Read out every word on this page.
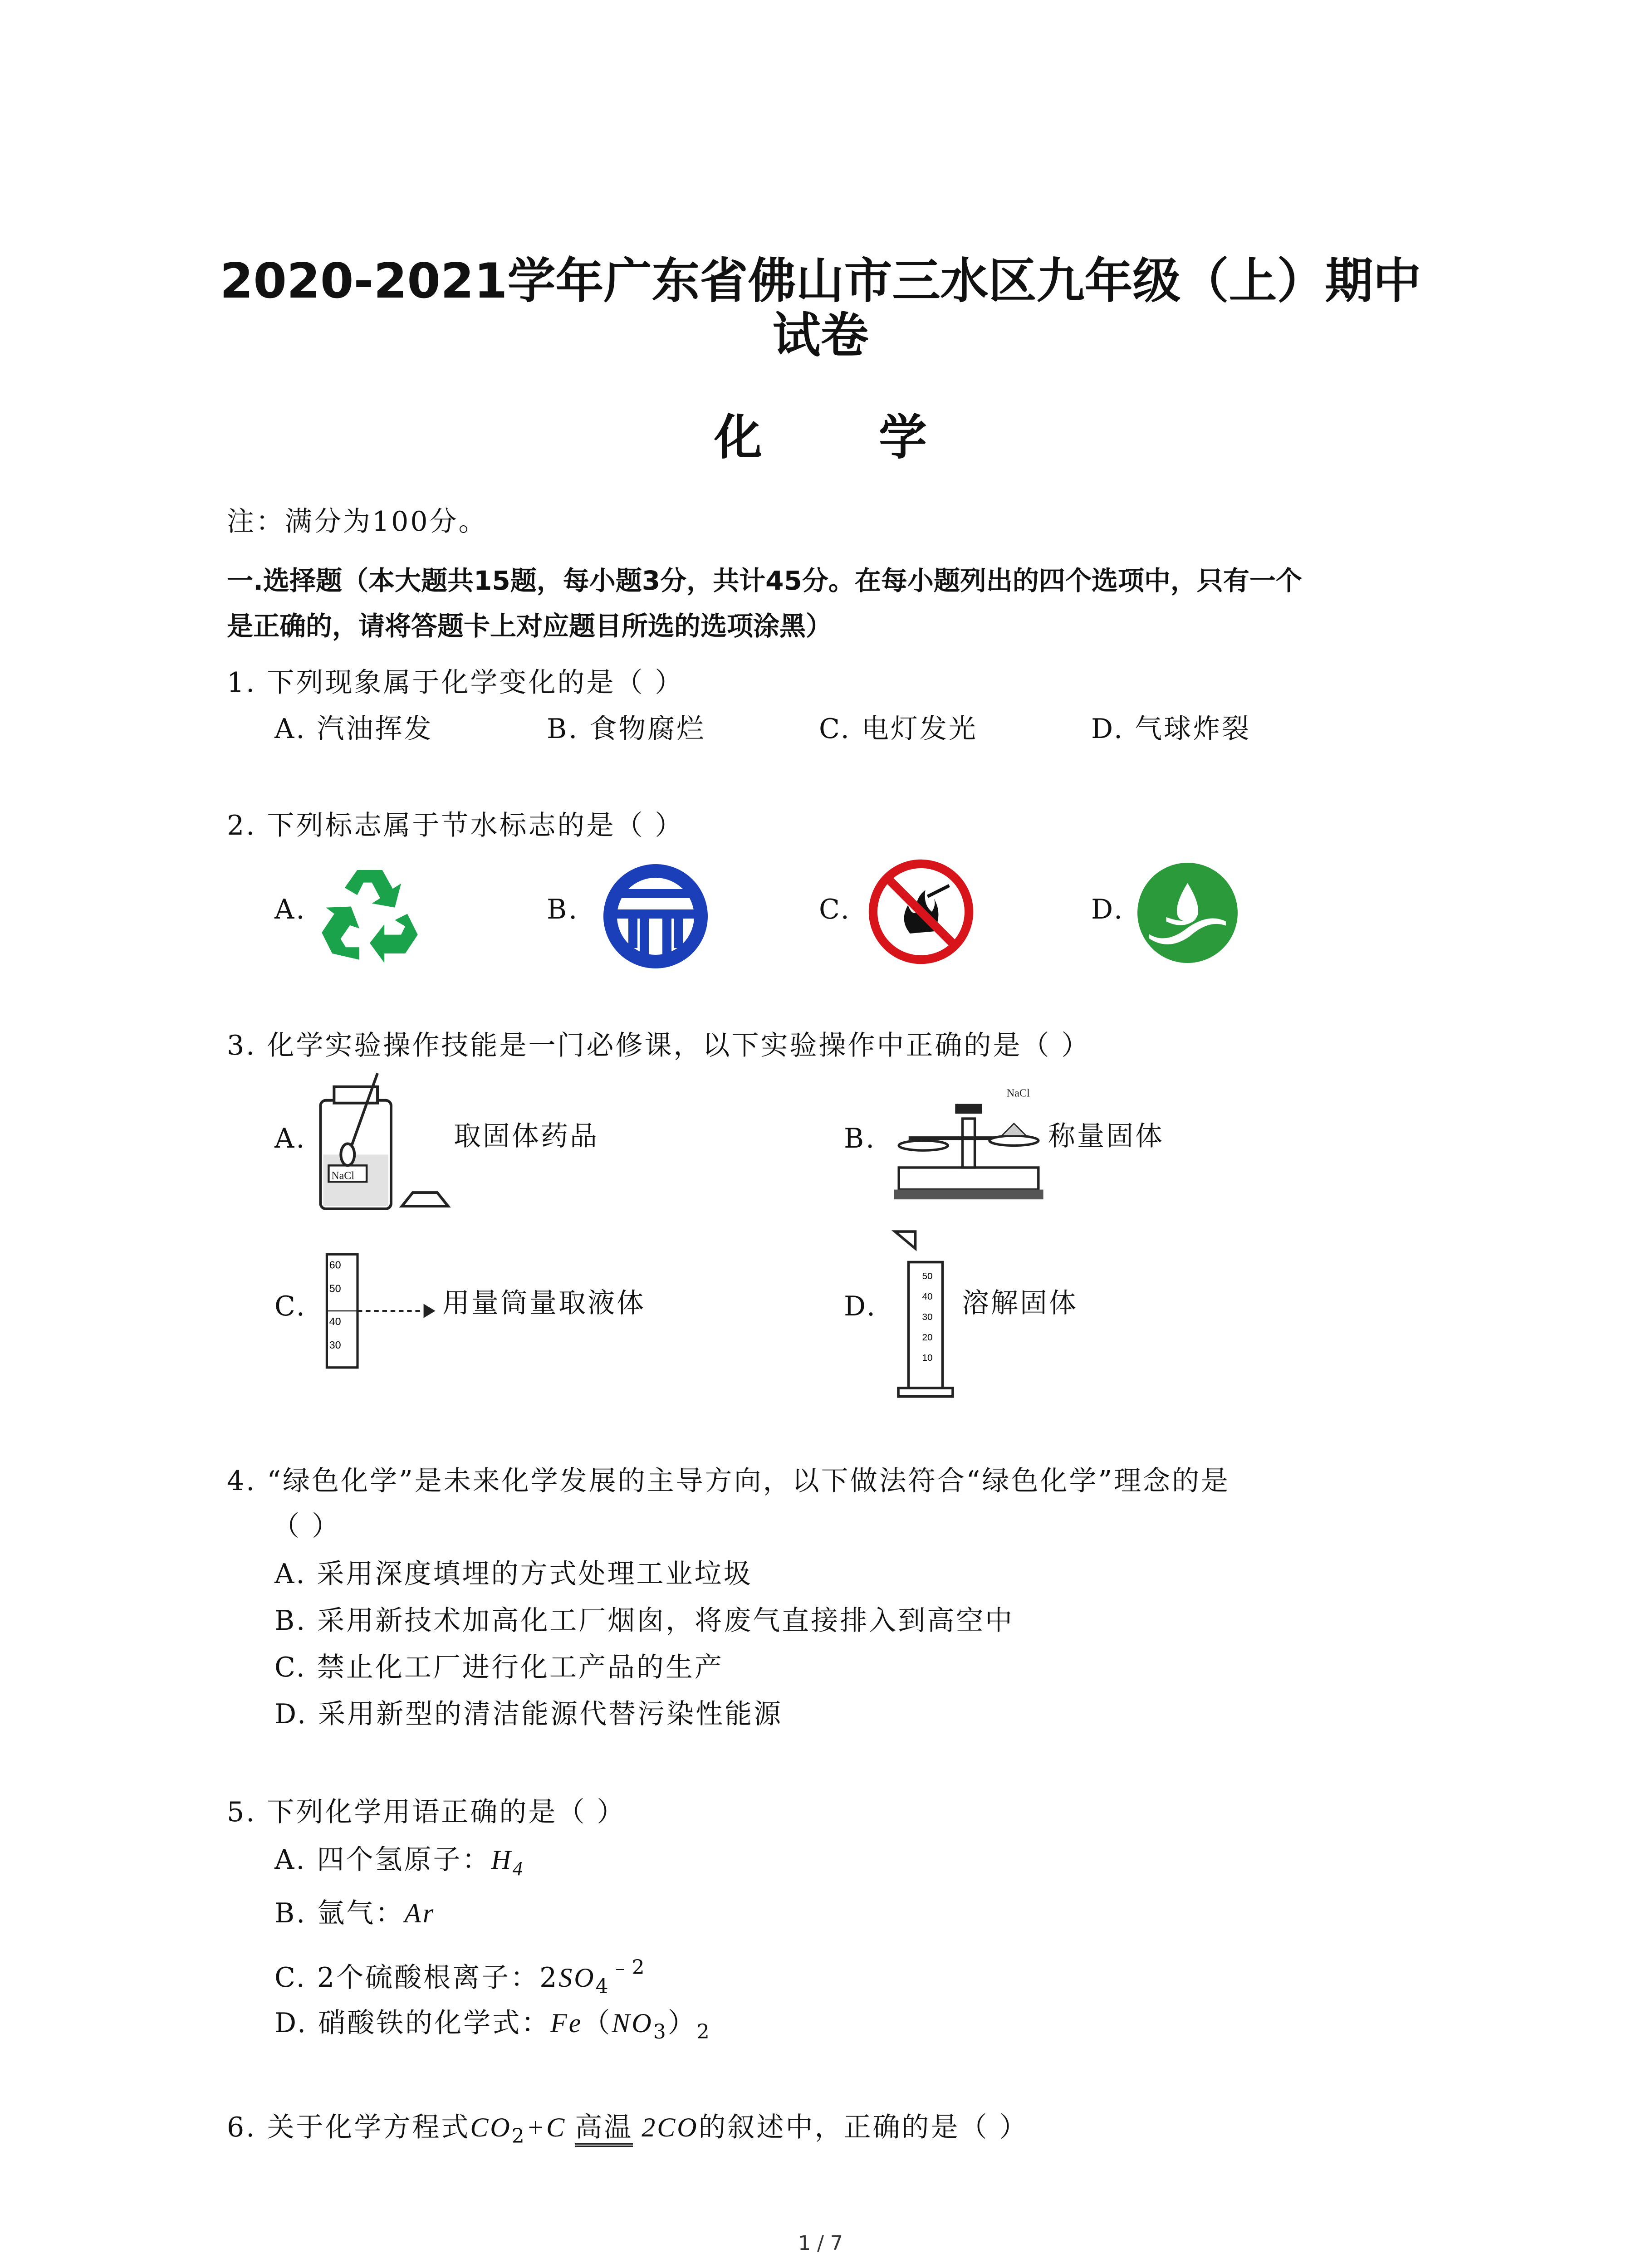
2020-2021学年广东省佛山市三水区九年级（上）期中
试卷
化 学
注：满分为100分。
一.选择题（本大题共15题，每小题3分，共计45分。在每小题列出的四个选项中，只有一个
是正确的，请将答题卡上对应题目所选的选项涂黑）
1. 下列现象属于化学变化的是（ ）
A. 汽油挥发	B. 食物腐烂	C. 电灯发光	D. 气球炸裂
2. 下列标志属于节水标志的是（ ）
A.	B.	C.	D.
3. 化学实验操作技能是一门必修课，以下实验操作中正确的是（ ）
A.
NaCl
取固体药品	B.
NaCl
称量固体
C.
60
50
40
30
用量筒量取液体	D.
50
40
30
20
10
溶解固体
4. “绿色化学”是未来化学发展的主导方向，以下做法符合“绿色化学”理念的是
（ ）
A. 采用深度填埋的方式处理工业垃圾
B. 采用新技术加高化工厂烟囱，将废气直接排入到高空中
C. 禁止化工厂进行化工产品的生产
D. 采用新型的清洁能源代替污染性能源
5. 下列化学用语正确的是（ ）
A. 四个氢原子：$H_4$
B. 氩气：Ar
C. 2个硫酸根离子：$2SO_4^{﹣2}$
D. 硝酸铁的化学式：$Fe(NO_3)_2$
6. 关于化学方程式$CO_2+C$ 高温 2CO的叙述中，正确的是（ ）
1 / 7
